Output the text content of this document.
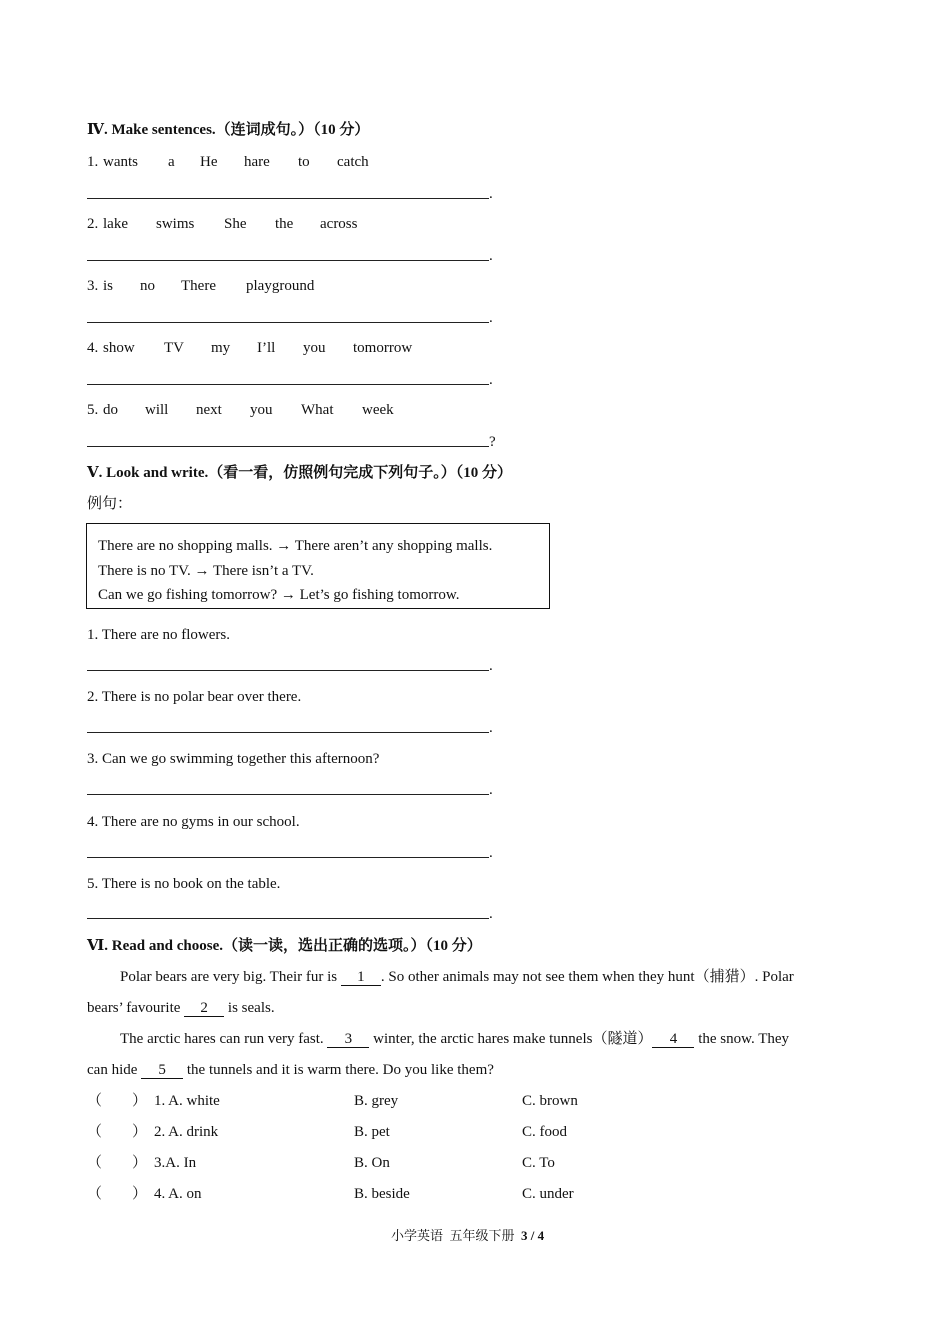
Ⅳ. Make sentences.（连词成句。）（10 分）
1. wants a He hare to catch
.
2. lake swims She the across
.
3. is no There playground
.
4. show TV my I’ll you tomorrow
.
5. do will next you What week
?
Ⅴ. Look and write.（看一看，仿照例句完成下列句子。）（10 分）
例句：
There are no shopping malls. → There aren’t any shopping malls.
There is no TV. → There isn’t a TV.
Can we go fishing tomorrow? → Let’s go fishing tomorrow.
1. There are no flowers.
.
2. There is no polar bear over there.
.
3. Can we go swimming together this afternoon?
.
4. There are no gyms in our school.
.
5. There is no book on the table.
.
Ⅵ. Read and choose.（读一读，选出正确的选项。）（10 分）
Polar bears are very big. Their fur is 1 . So other animals may not see them when they hunt（捕猎）. Polar
bears’ favourite 2 is seals.
The arctic hares can run very fast. 3 winter, the arctic hares make tunnels（隧道） 4 the snow. They
can hide 5 the tunnels and it is warm there. Do you like them?
（　　） 1. A. white	B. grey	C. brown
（　　） 2. A. drink	B. pet	C. food
（　　） 3.A. In	B. On	C. To
（　　） 4. A. on	B. beside	C. under
小学英语 五年级下册 3 / 4
